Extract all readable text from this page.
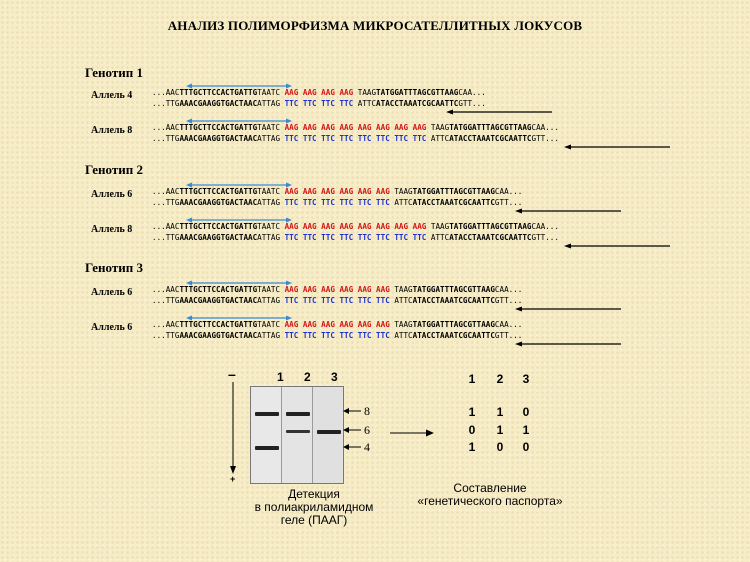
АНАЛИЗ ПОЛИМОРФИЗМА МИКРОСАТЕЛЛИТНЫХ ЛОКУСОВ
Генотип 1
Аллель 4	...AACTTTGCTTCCACTGATTGTAATC AAG AAG AAG AAG TAAGTATGGATTTAGCGTTAAGCAA...
...TTGAAACGAAGGTGACTAACATTAG TTC TTC TTC TTC ATTCATACCTAAATCGCAATTCGTT...
Аллель 8	...AACTTTGCTTCCACTGATTGTAATC AAG AAG AAG AAG AAG AAG AAG AAG TAAGTATGGATTTAGCGTTAAGCAA...
...TTGAAACGAAGGTGACTAACATTAG TTC TTC TTC TTC TTC TTC TTC TTC ATTCATACCTAAATCGCAATTCGTT...
Генотип 2
Аллель 6	...AACTTTGCTTCCACTGATTGTAATC AAG AAG AAG AAG AAG AAG TAAGTATGGATTTAGCGTTAAGCAA...
...TTGAAACGAAGGTGACTAACATTAG TTC TTC TTC TTC TTC TTC ATTCATACCTAAATCGCAATTCGTT...
Аллель 8	...AACTTTGCTTCCACTGATTGTAATC AAG AAG AAG AAG AAG AAG AAG AAG TAAGTATGGATTTAGCGTTAAGCAA...
...TTGAAACGAAGGTGACTAACATTAG TTC TTC TTC TTC TTC TTC TTC TTC ATTCATACCTAAATCGCAATTCGTT...
Генотип 3
Аллель 6	...AACTTTGCTTCCACTGATTGTAATC AAG AAG AAG AAG AAG AAG TAAGTATGGATTTAGCGTTAAGCAA...
...TTGAAACGAAGGTGACTAACATTAG TTC TTC TTC TTC TTC TTC ATTCATACCTAAATCGCAATTCGTT...
Аллель 6	...AACTTTGCTTCCACTGATTGTAATC AAG AAG AAG AAG AAG AAG TAAGTATGGATTTAGCGTTAAGCAA...
...TTGAAACGAAGGTGACTAACATTAG TTC TTC TTC TTC TTC TTC ATTCATACCTAAATCGCAATTCGTT...
–
+
1 2 3
8
6
4
Детекция
в полиакриламидном
геле (ПААГ)
1	2	3
1	1	0
0	1	1
1	0	0
Составление
«генетического паспорта»
